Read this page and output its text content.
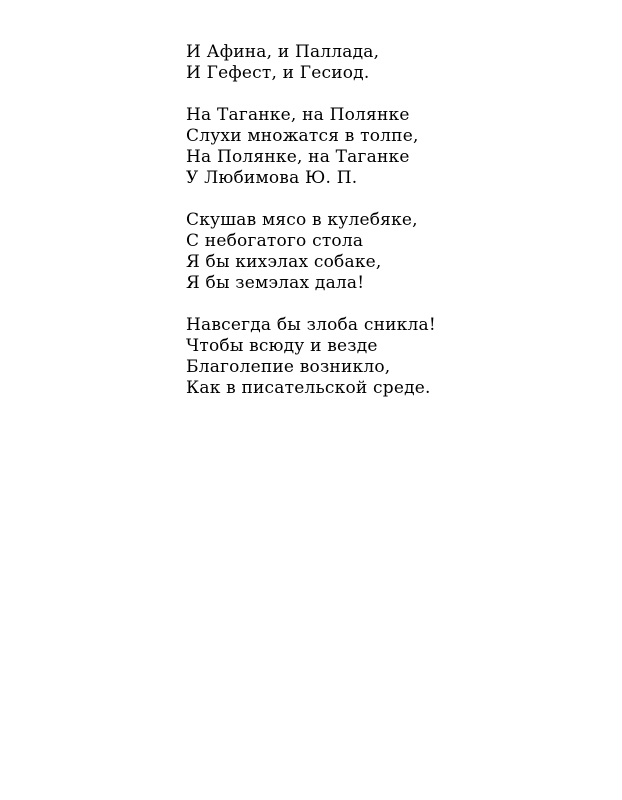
И Афина, и Паллада,
И Гефест, и Гесиод.
На Таганке, на Полянке
Слухи множатся в толпе,
На Полянке, на Таганке
У Любимова Ю. П.
Скушав мясо в кулебяке,
С небогатого стола
Я бы кихэлах собаке,
Я бы земэлах дала!
Навсегда бы злоба сникла!
Чтобы всюду и везде
Благолепие возникло,
Как в писательской среде.
